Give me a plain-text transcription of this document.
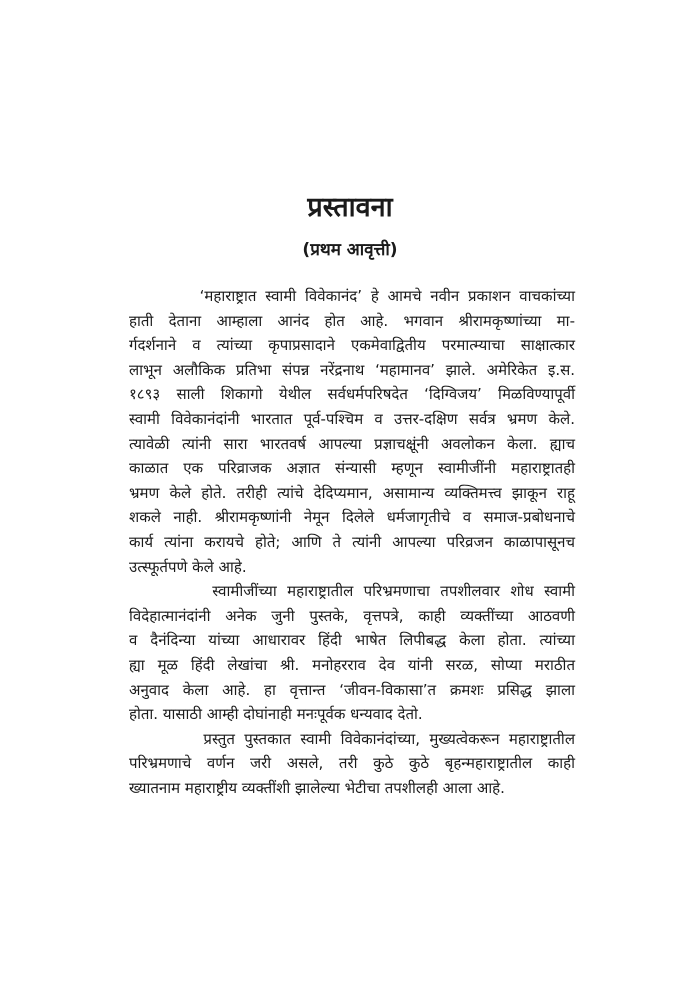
प्रस्तावना
(प्रथम आवृत्ती)
‘महाराष्ट्रात स्वामी विवेकानंद’ हे आमचे नवीन प्रकाशन वाचकांच्या
हाती देताना आम्हाला आनंद होत आहे. भगवान श्रीरामकृष्णांच्या मा-
र्गदर्शनाने व त्यांच्या कृपाप्रसादाने एकमेवाद्वितीय परमात्म्याचा साक्षात्कार
लाभून अलौकिक प्रतिभा संपन्न नरेंद्रनाथ ‘महामानव’ झाले. अमेरिकेत इ.स.
१८९३ साली शिकागो येथील सर्वधर्मपरिषदेत ‘दिग्विजय’ मिळविण्यापूर्वी
स्वामी विवेकानंदांनी भारतात पूर्व-पश्चिम व उत्तर-दक्षिण सर्वत्र भ्रमण केले.
त्यावेळी त्यांनी सारा भारतवर्ष आपल्या प्रज्ञाचक्षूंनी अवलोकन केला. ह्याच
काळात एक परिव्राजक अज्ञात संन्यासी म्हणून स्वामीजींनी महाराष्ट्रातही
भ्रमण केले होते. तरीही त्यांचे देदिप्यमान, असामान्य व्यक्तिमत्त्व झाकून राहू
शकले नाही. श्रीरामकृष्णांनी नेमून दिलेले धर्मजागृतीचे व समाज-प्रबोधनाचे
कार्य त्यांना करायचे होते; आणि ते त्यांनी आपल्या परिव्रजन काळापासूनच
उत्स्फूर्तपणे केले आहे.
स्वामीजींच्या महाराष्ट्रातील परिभ्रमणाचा तपशीलवार शोध स्वामी
विदेहात्मानंदांनी अनेक जुनी पुस्तके, वृत्तपत्रे, काही व्यक्तींच्या आठवणी
व दैनंदिन्या यांच्या आधारावर हिंदी भाषेत लिपीबद्ध केला होता. त्यांच्या
ह्या मूळ हिंदी लेखांचा श्री. मनोहरराव देव यांनी सरळ, सोप्या मराठीत
अनुवाद केला आहे. हा वृत्तान्त ‘जीवन-विकासा’त क्रमशः प्रसिद्ध झाला
होता. यासाठी आम्ही दोघांनाही मनःपूर्वक धन्यवाद देतो.
प्रस्तुत पुस्तकात स्वामी विवेकानंदांच्या, मुख्यत्वेकरून महाराष्ट्रातील
परिभ्रमणाचे वर्णन जरी असले, तरी कुठे कुठे बृहन्महाराष्ट्रातील काही
ख्यातनाम महाराष्ट्रीय व्यक्तींशी झालेल्या भेटीचा तपशीलही आला आहे.
